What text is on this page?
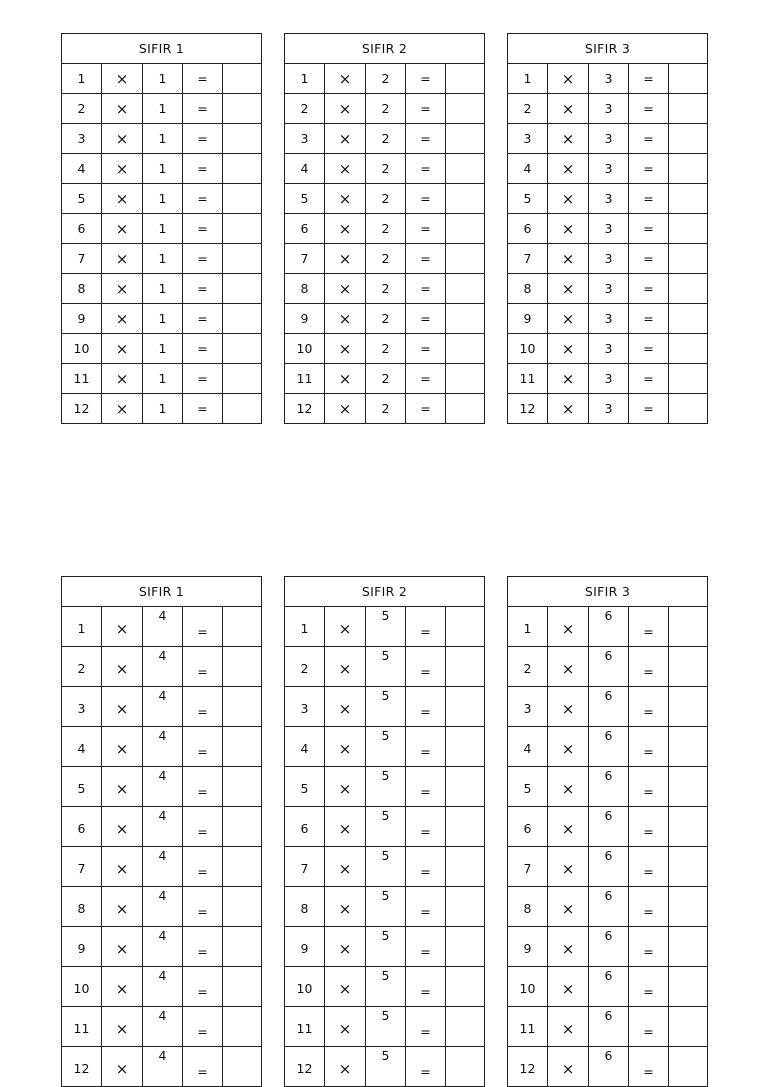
SIFIR 1				
1	×	1	=	
2	×	1	=	
3	×	1	=	
4	×	1	=	
5	×	1	=	
6	×	1	=	
7	×	1	=	
8	×	1	=	
9	×	1	=	
10	×	1	=	
11	×	1	=	
12	×	1	=	
SIFIR 2				
1	×	2	=	
2	×	2	=	
3	×	2	=	
4	×	2	=	
5	×	2	=	
6	×	2	=	
7	×	2	=	
8	×	2	=	
9	×	2	=	
10	×	2	=	
11	×	2	=	
12	×	2	=	
SIFIR 3				
1	×	3	=	
2	×	3	=	
3	×	3	=	
4	×	3	=	
5	×	3	=	
6	×	3	=	
7	×	3	=	
8	×	3	=	
9	×	3	=	
10	×	3	=	
11	×	3	=	
12	×	3	=	
SIFIR 1				
1	×	4	=	
2	×	4	=	
3	×	4	=	
4	×	4	=	
5	×	4	=	
6	×	4	=	
7	×	4	=	
8	×	4	=	
9	×	4	=	
10	×	4	=	
11	×	4	=	
12	×	4	=	
SIFIR 2				
1	×	5	=	
2	×	5	=	
3	×	5	=	
4	×	5	=	
5	×	5	=	
6	×	5	=	
7	×	5	=	
8	×	5	=	
9	×	5	=	
10	×	5	=	
11	×	5	=	
12	×	5	=	
SIFIR 3				
1	×	6	=	
2	×	6	=	
3	×	6	=	
4	×	6	=	
5	×	6	=	
6	×	6	=	
7	×	6	=	
8	×	6	=	
9	×	6	=	
10	×	6	=	
11	×	6	=	
12	×	6	=	
